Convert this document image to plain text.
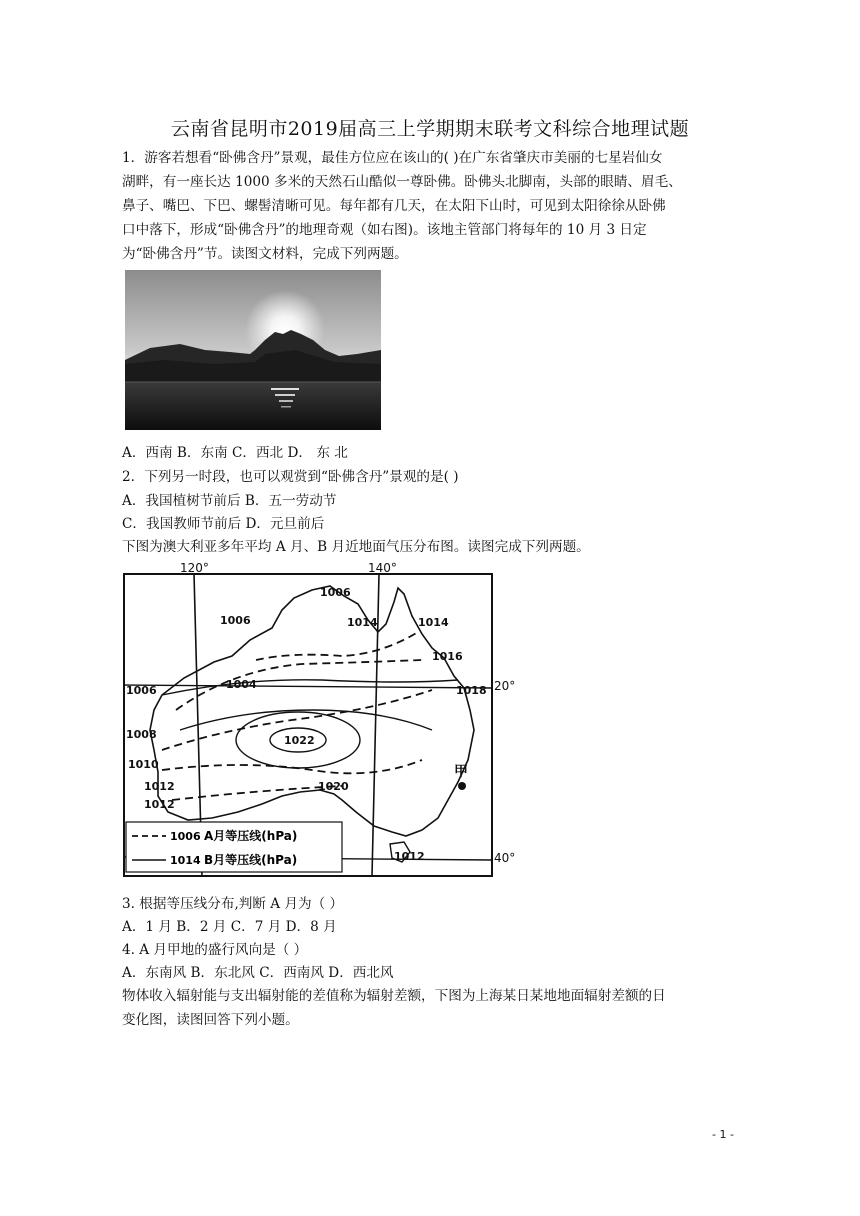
云南省昆明市2019届高三上学期期末联考文科综合地理试题
1．游客若想看“卧佛含丹”景观，最佳方位应在该山的( )在广东省肇庆市美丽的七星岩仙女
湖畔，有一座长达 1000 多米的天然石山酷似一尊卧佛。卧佛头北脚南，头部的眼睛、眉毛、
鼻子、嘴巴、下巴、螺髻清晰可见。每年都有几天，在太阳下山时，可见到太阳徐徐从卧佛
口中落下，形成“卧佛含丹”的地理奇观（如右图)。该地主管部门将每年的 10 月 3 日定
为“卧佛含丹”节。读图文材料，完成下列两题。
A．西南 B．东南 C．西北 D． 东 北
2．下列另一时段，也可以观赏到“卧佛含丹”景观的是( )
A．我国植树节前后 B．五一劳动节
C．我国教师节前后 D．元旦前后
下图为澳大利亚多年平均 A 月、B 月近地面气压分布图。读图完成下列两题。
1006
1006	1014	1014
1016
1018
1006	1004
1008
1010
1022
1012
1012
1020
1012
120°	140°
20°
40°
甲
1006 A月等压线(hPa)
1014 B月等压线(hPa)
3. 根据等压线分布,判断 A 月为（ ）
A．1 月 B．2 月 C．7 月 D．8 月
4. A 月甲地的盛行风向是（ ）
A．东南风 B．东北风 C．西南风 D．西北风
物体收入辐射能与支出辐射能的差值称为辐射差额，下图为上海某日某地地面辐射差额的日
变化图，读图回答下列小题。
- 1 -
